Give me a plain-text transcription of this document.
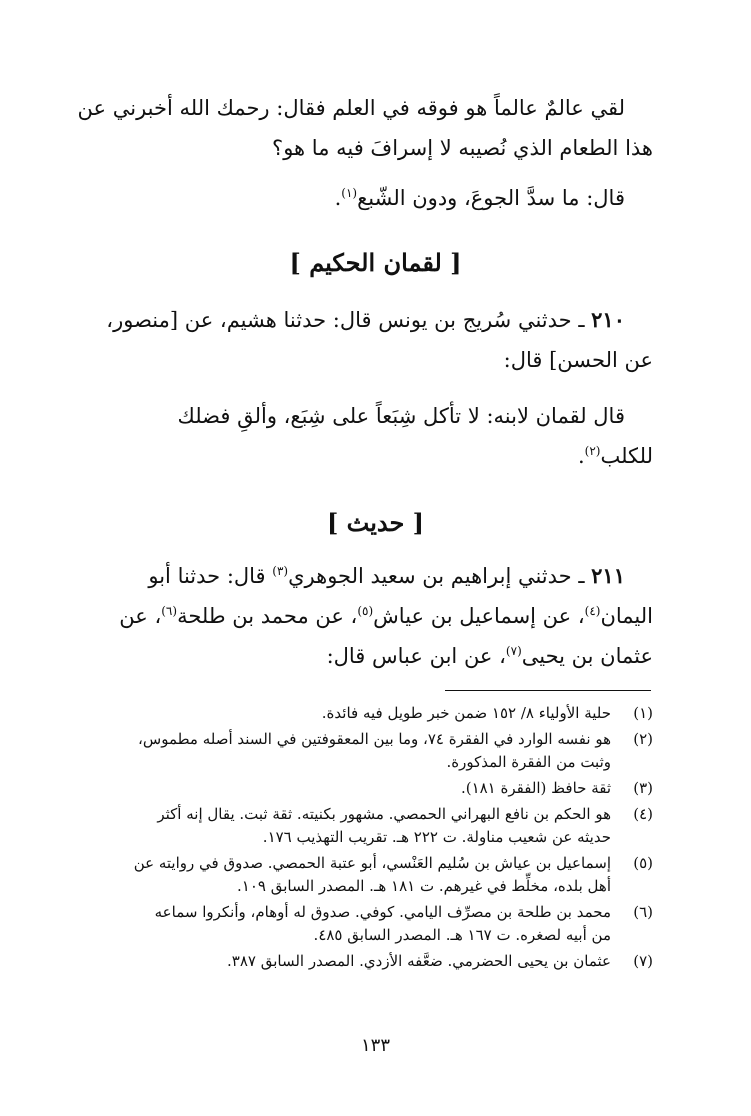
لقي عالمٌ عالماً هو فوقه في العلم فقال: رحمك الله أخبرني عن
هذا الطعام الذي نُصيبه لا إسرافَ فيه ما هو؟
قال: ما سدَّ الجوعَ، ودون الشّبع$^{(١)}$.
[ لقمان الحكيم ]
٢١٠ ـ حدثني سُريج بن يونس قال: حدثنا هشيم، عن [منصور،
عن الحسن] قال:
قال لقمان لابنه: لا تأكل شِبَعاً على شِبَع، وألقِ فضلك
للكلب$^{(٢)}$.
[ حديث ]
٢١١ ـ حدثني إبراهيم بن سعيد الجوهري$^{(٣)}$ قال: حدثنا أبو
اليمان$^{(٤)}$، عن إسماعيل بن عياش$^{(٥)}$، عن محمد بن طلحة$^{(٦)}$، عن
عثمان بن يحيى$^{(٧)}$، عن ابن عباس قال:
(١)
حلية الأولياء ٨/ ١٥٢ ضمن خبر طويل فيه فائدة.
(٢)
هو نفسه الوارد في الفقرة ٧٤، وما بين المعقوفتين في السند أصله مطموس،
وثبت من الفقرة المذكورة.
(٣)
ثقة حافظ (الفقرة ١٨١).
(٤)
هو الحكم بن نافع البهراني الحمصي. مشهور بكنيته. ثقة ثبت. يقال إنه أكثر
حديثه عن شعيب مناولة. ت ٢٢٢ هـ. تقريب التهذيب ١٧٦.
(٥)
إسماعيل بن عياش بن سُليم العَنْسي، أبو عتبة الحمصي. صدوق في روايته عن
أهل بلده، مخلِّط في غيرهم. ت ١٨١ هـ. المصدر السابق ١٠٩.
(٦)
محمد بن طلحة بن مصرِّف اليامي. كوفي. صدوق له أوهام، وأنكروا سماعه
من أبيه لصغره. ت ١٦٧ هـ. المصدر السابق ٤٨٥.
(٧)
عثمان بن يحيى الحضرمي. ضعَّفه الأزدي. المصدر السابق ٣٨٧.
١٣٣
